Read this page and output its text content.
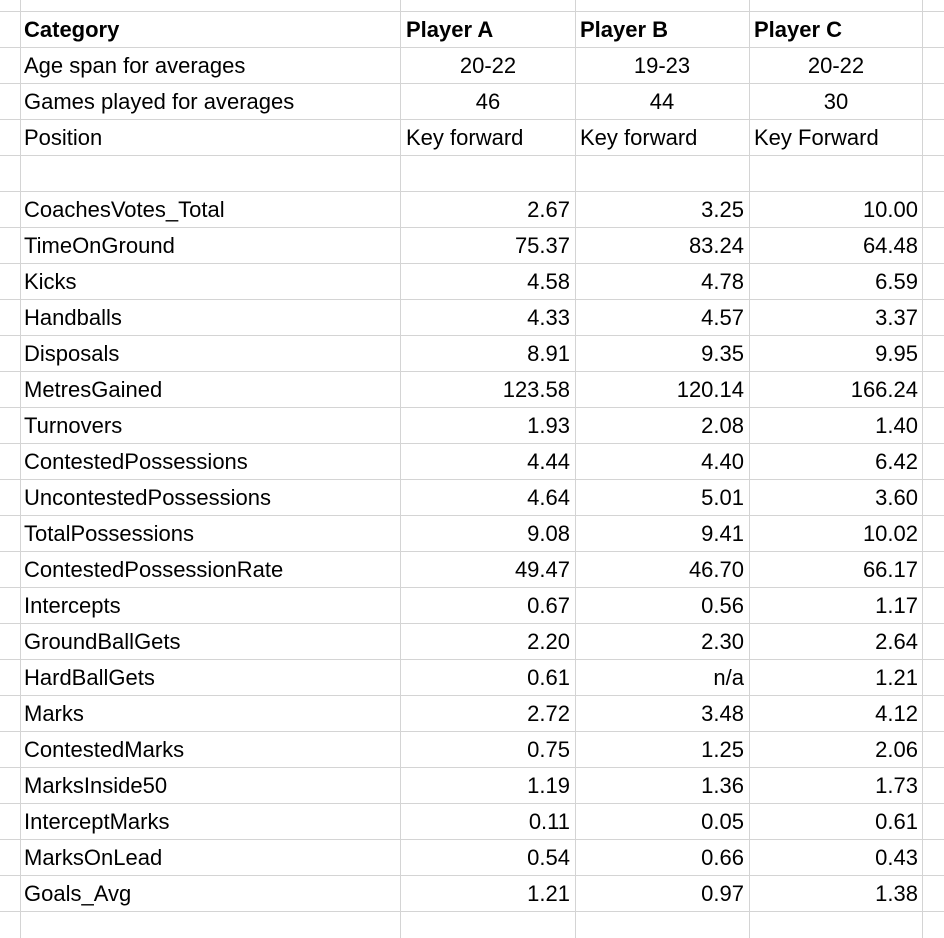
Category	Player A	Player B	Player C
Age span for averages	20-22	19-23	20-22
Games played for averages	46	44	30
Position	Key forward	Key forward	Key Forward
CoachesVotes_Total	2.67	3.25	10.00
TimeOnGround	75.37	83.24	64.48
Kicks	4.58	4.78	6.59
Handballs	4.33	4.57	3.37
Disposals	8.91	9.35	9.95
MetresGained	123.58	120.14	166.24
Turnovers	1.93	2.08	1.40
ContestedPossessions	4.44	4.40	6.42
UncontestedPossessions	4.64	5.01	3.60
TotalPossessions	9.08	9.41	10.02
ContestedPossessionRate	49.47	46.70	66.17
Intercepts	0.67	0.56	1.17
GroundBallGets	2.20	2.30	2.64
HardBallGets	0.61	n/a	1.21
Marks	2.72	3.48	4.12
ContestedMarks	0.75	1.25	2.06
MarksInside50	1.19	1.36	1.73
InterceptMarks	0.11	0.05	0.61
MarksOnLead	0.54	0.66	0.43
Goals_Avg	1.21	0.97	1.38
